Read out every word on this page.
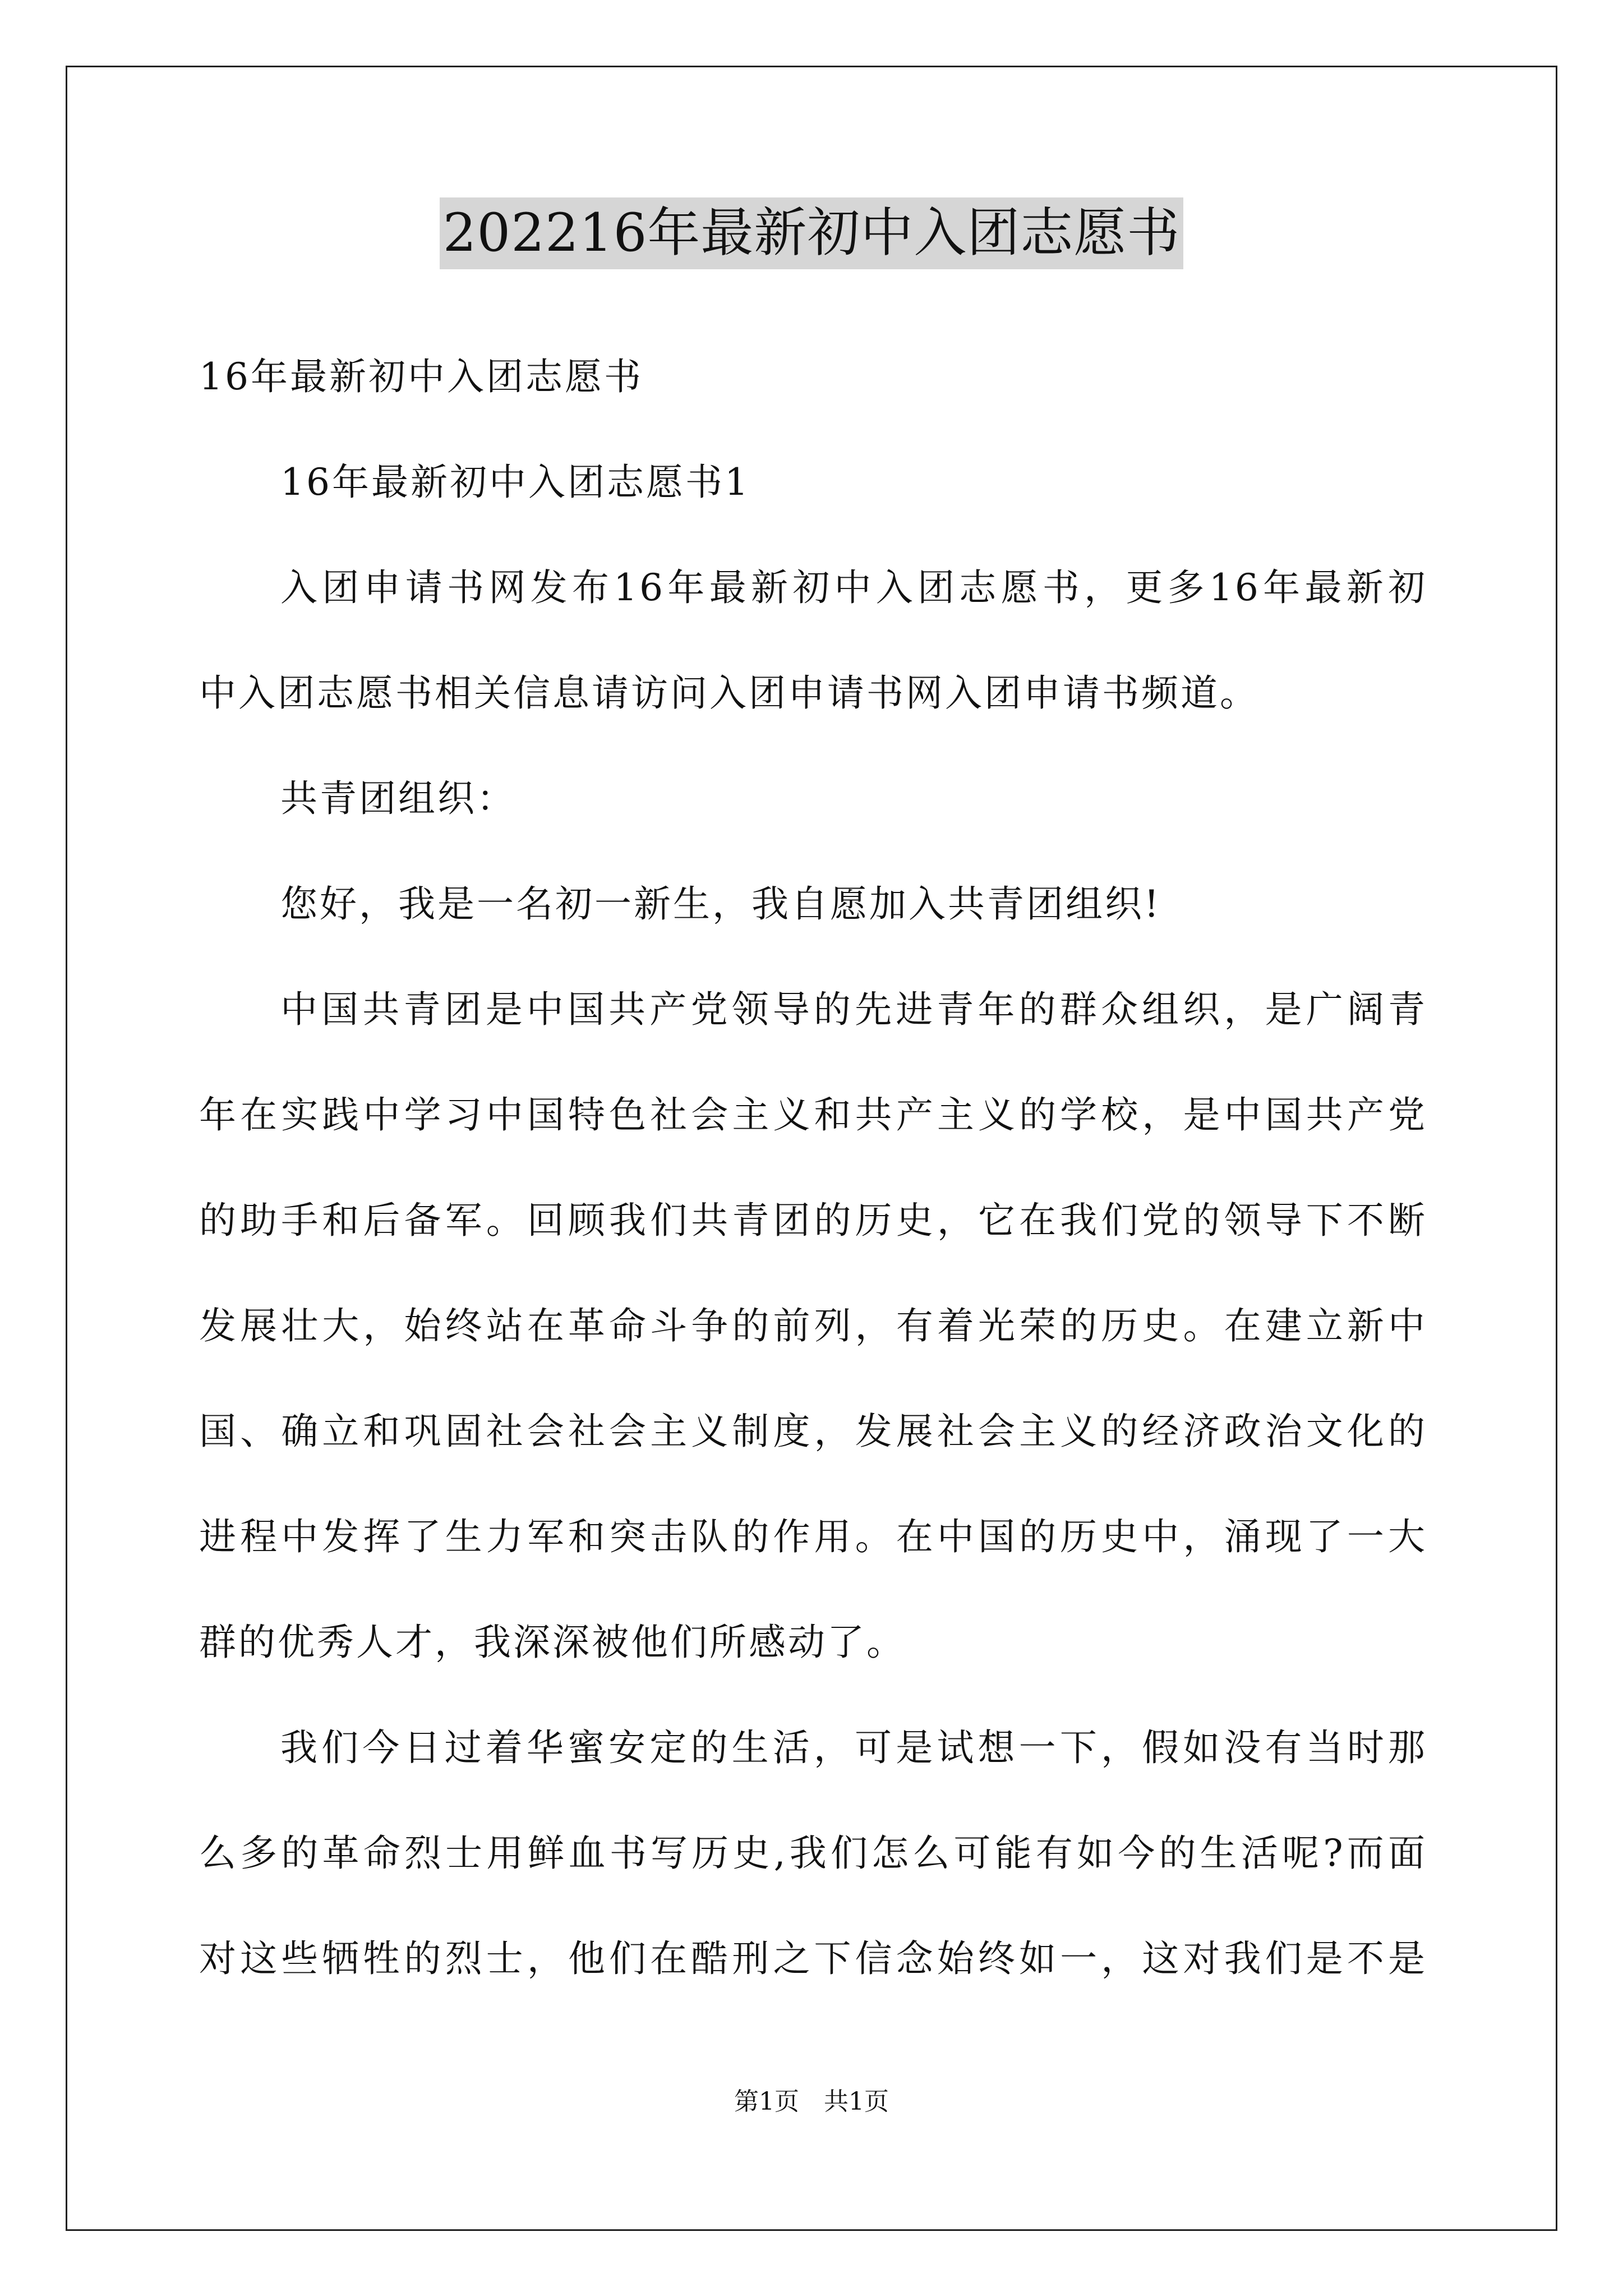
202216年最新初中入团志愿书
16年最新初中入团志愿书
16年最新初中入团志愿书1
入团申请书网发布16年最新初中入团志愿书，更多16年最新初
中入团志愿书相关信息请访问入团申请书网入团申请书频道。
共青团组织：
您好，我是一名初一新生，我自愿加入共青团组织!
中国共青团是中国共产党领导的先进青年的群众组织，是广阔青
年在实践中学习中国特色社会主义和共产主义的学校，是中国共产党
的助手和后备军。回顾我们共青团的历史，它在我们党的领导下不断
发展壮大，始终站在革命斗争的前列，有着光荣的历史。在建立新中
国、确立和巩固社会社会主义制度，发展社会主义的经济政治文化的
进程中发挥了生力军和突击队的作用。在中国的历史中，涌现了一大
群的优秀人才，我深深被他们所感动了。
我们今日过着华蜜安定的生活，可是试想一下，假如没有当时那
么多的革命烈士用鲜血书写历史,我们怎么可能有如今的生活呢?而面
对这些牺牲的烈士，他们在酷刑之下信念始终如一，这对我们是不是
第1页　共1页
